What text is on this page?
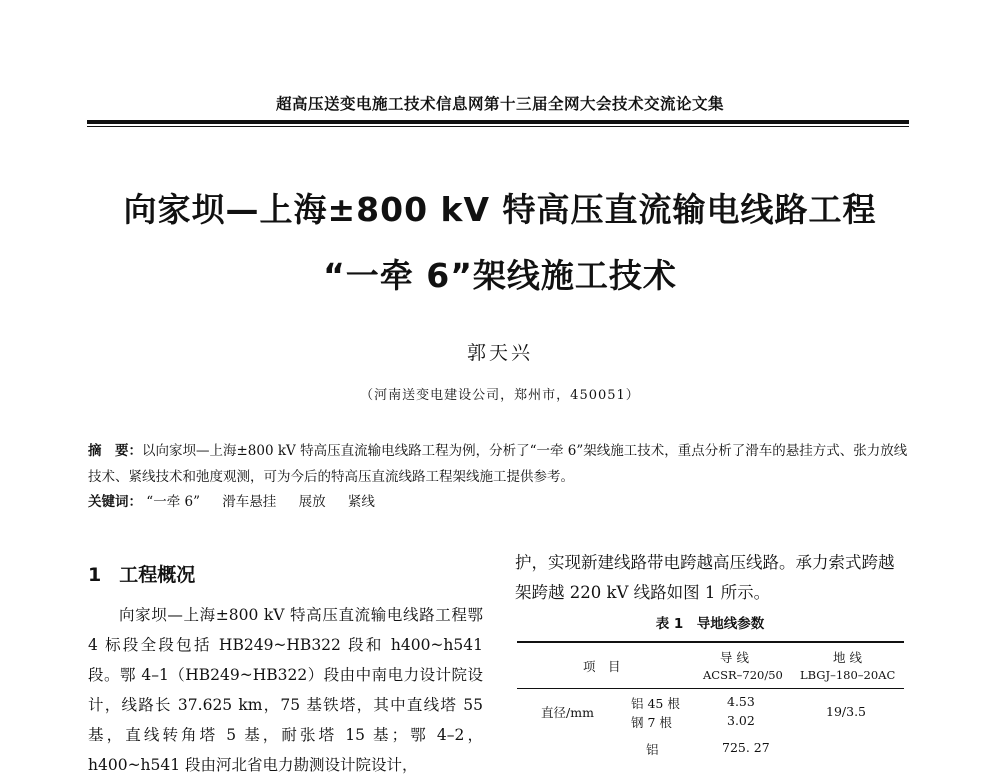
超高压送变电施工技术信息网第十三届全网大会技术交流论文集
向家坝—上海±800 kV 特高压直流输电线路工程
“一牵 6”架线施工技术
郭天兴
（河南送变电建设公司，郑州市，450051）
摘　要：以向家坝—上海±800 kV 特高压直流输电线路工程为例，分析了“一牵 6”架线施工技术，重点分析了滑车的悬挂方式、张力放线技术、紧线技术和弛度观测，可为今后的特高压直流线路工程架线施工提供参考。
关键词： “一牵 6” 滑车悬挂 展放 紧线
1 工程概况

向家坝—上海±800 kV 特高压直流输电线路工程鄂 4 标段全段包括 HB249~HB322 段和 h400~h541 段。鄂 4–1（HB249~HB322）段由中南电力设计院设计，线路长 37.625 km，75 基铁塔，其中直线塔 55 基，直线转角塔 5 基，耐张塔 15 基；鄂 4–2，h400~h541 段由河北省电力勘测设计院设计，

护，实现新建线路带电跨越高压线路。承力索式跨越架跨越 220 kV 线路如图 1 所示。
表 1　导地线参数
项　目
导 线
ACSR–720/50
地 线
LBGJ–180–20AC
直径/mm
铝 45 根
钢 7 根
4.53
3.02
19/3.5
铝	725. 27
